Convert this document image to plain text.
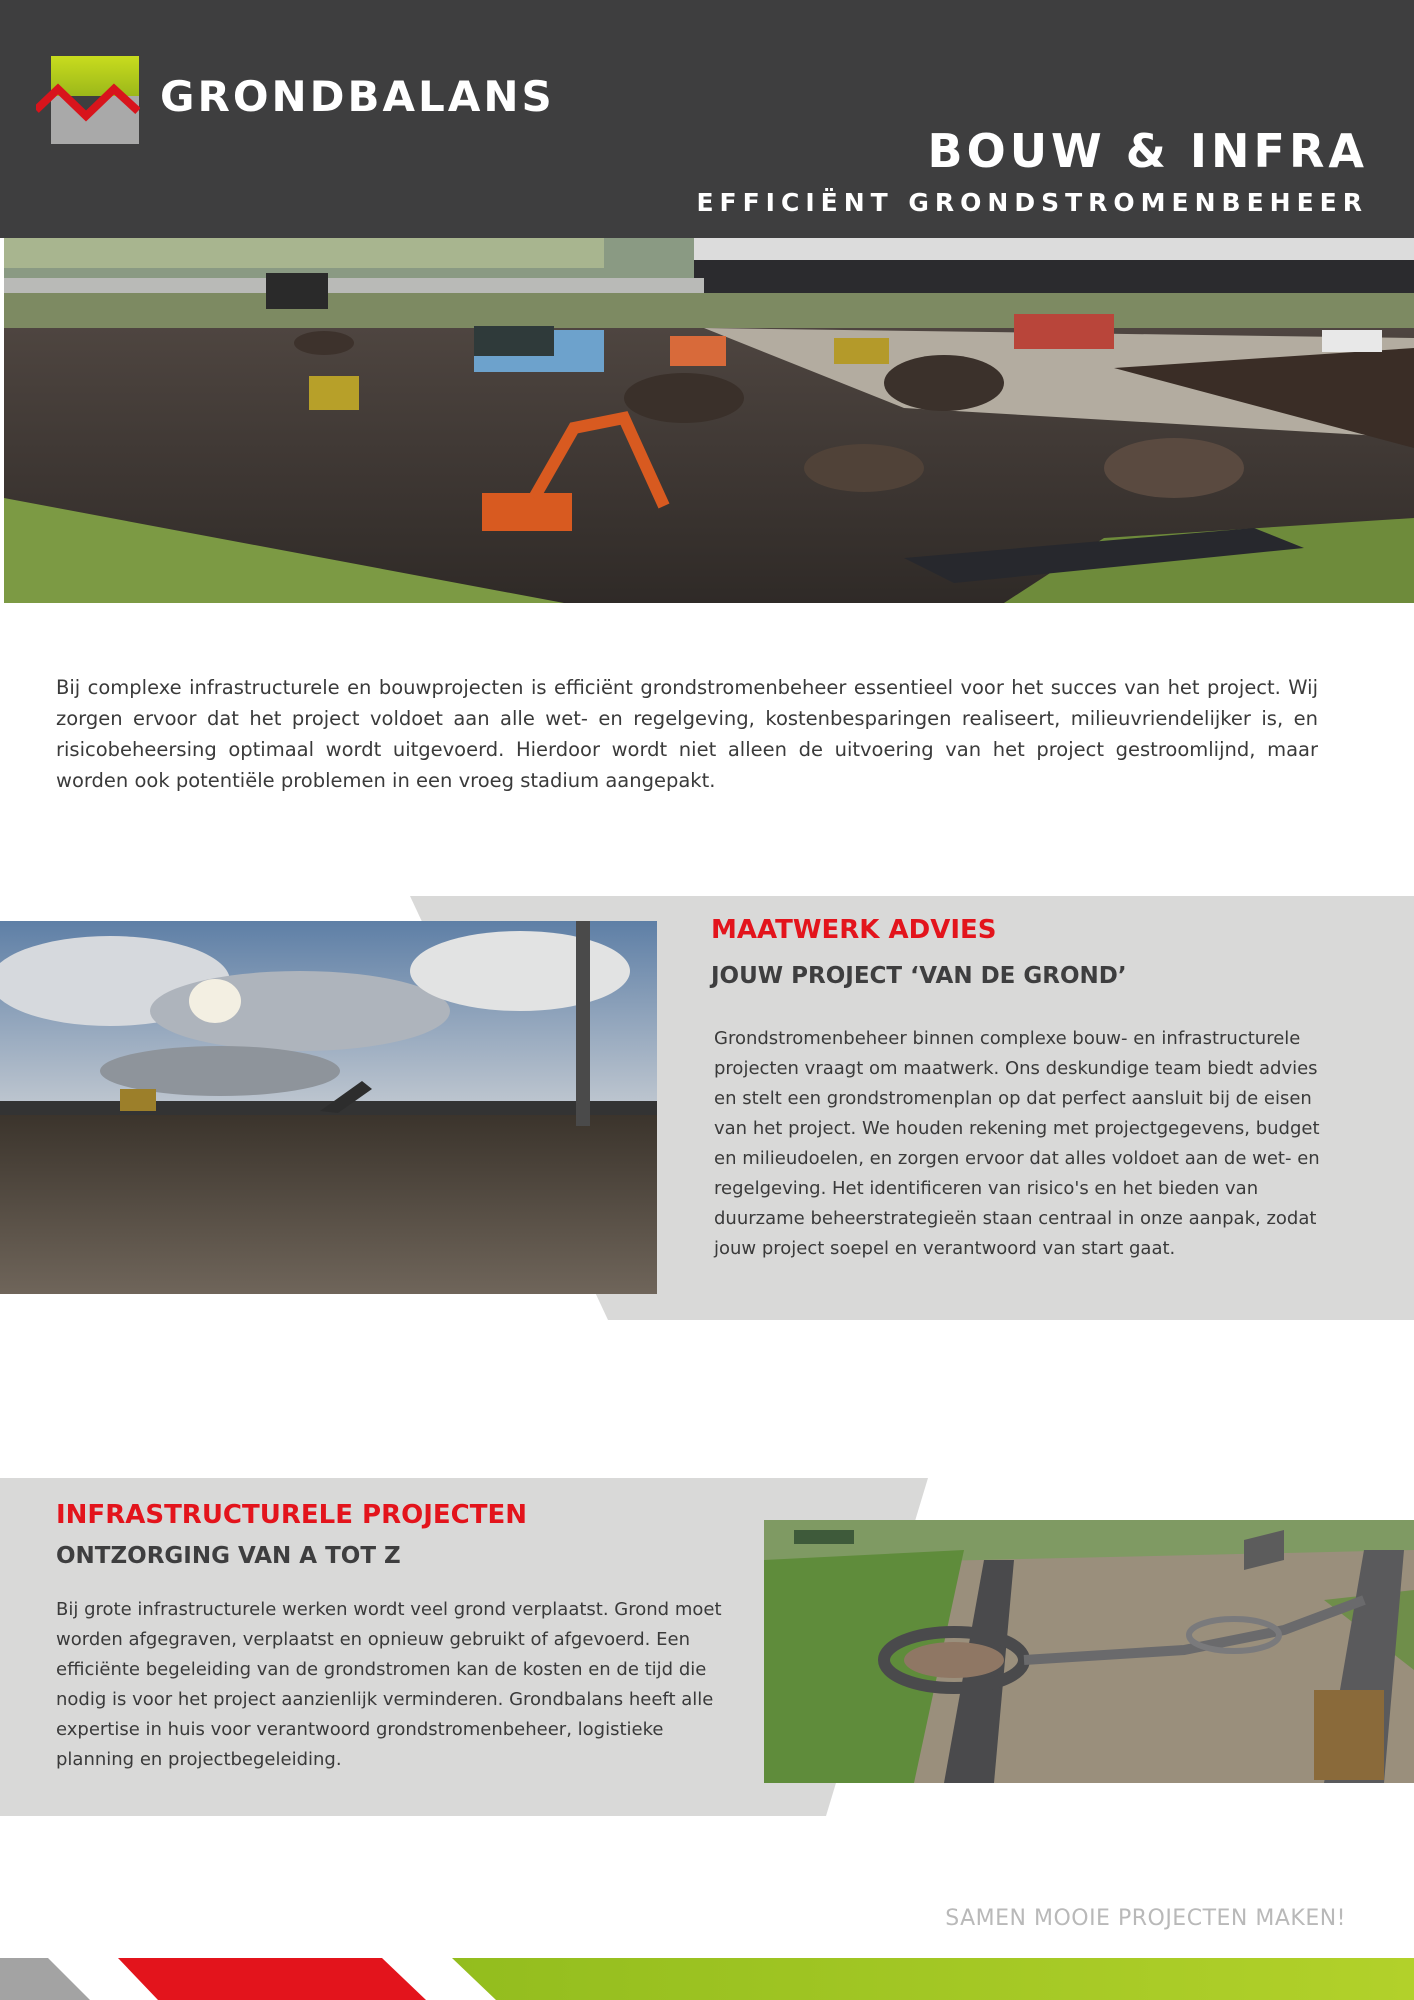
GRONDBALANS
BOUW & INFRA
EFFICIËNT GRONDSTROMENBEHEER

Bij complexe infrastructurele en bouwprojecten is efficiënt grondstromenbeheer essentieel voor het succes van het project. Wij zorgen ervoor dat het project voldoet aan alle wet- en regelgeving, kostenbesparingen realiseert, milieuvriendelijker is, en risicobeheersing optimaal wordt uitgevoerd. Hierdoor wordt niet alleen de uitvoering van het project gestroomlijnd, maar worden ook potentiële problemen in een vroeg stadium aangepakt.

MAATWERK ADVIES
JOUW PROJECT ‘VAN DE GROND’

Grondstromenbeheer binnen complexe bouw- en infrastructurele projecten vraagt om maatwerk. Ons deskundige team biedt advies en stelt een grondstromenplan op dat perfect aansluit bij de eisen van het project. We houden rekening met projectgegevens, budget en milieudoelen, en zorgen ervoor dat alles voldoet aan de wet- en regelgeving. Het identificeren van risico's en het bieden van duurzame beheerstrategieën staan centraal in onze aanpak, zodat jouw project soepel en verantwoord van start gaat.

INFRASTRUCTURELE PROJECTEN
ONTZORGING VAN A TOT Z

Bij grote infrastructurele werken wordt veel grond verplaatst. Grond moet worden afgegraven, verplaatst en opnieuw gebruikt of afgevoerd. Een efficiënte begeleiding van de grondstromen kan de kosten en de tijd die nodig is voor het project aanzienlijk verminderen. Grondbalans heeft alle expertise in huis voor verantwoord grondstromenbeheer, logistieke planning en projectbegeleiding.

SAMEN MOOIE PROJECTEN MAKEN!
